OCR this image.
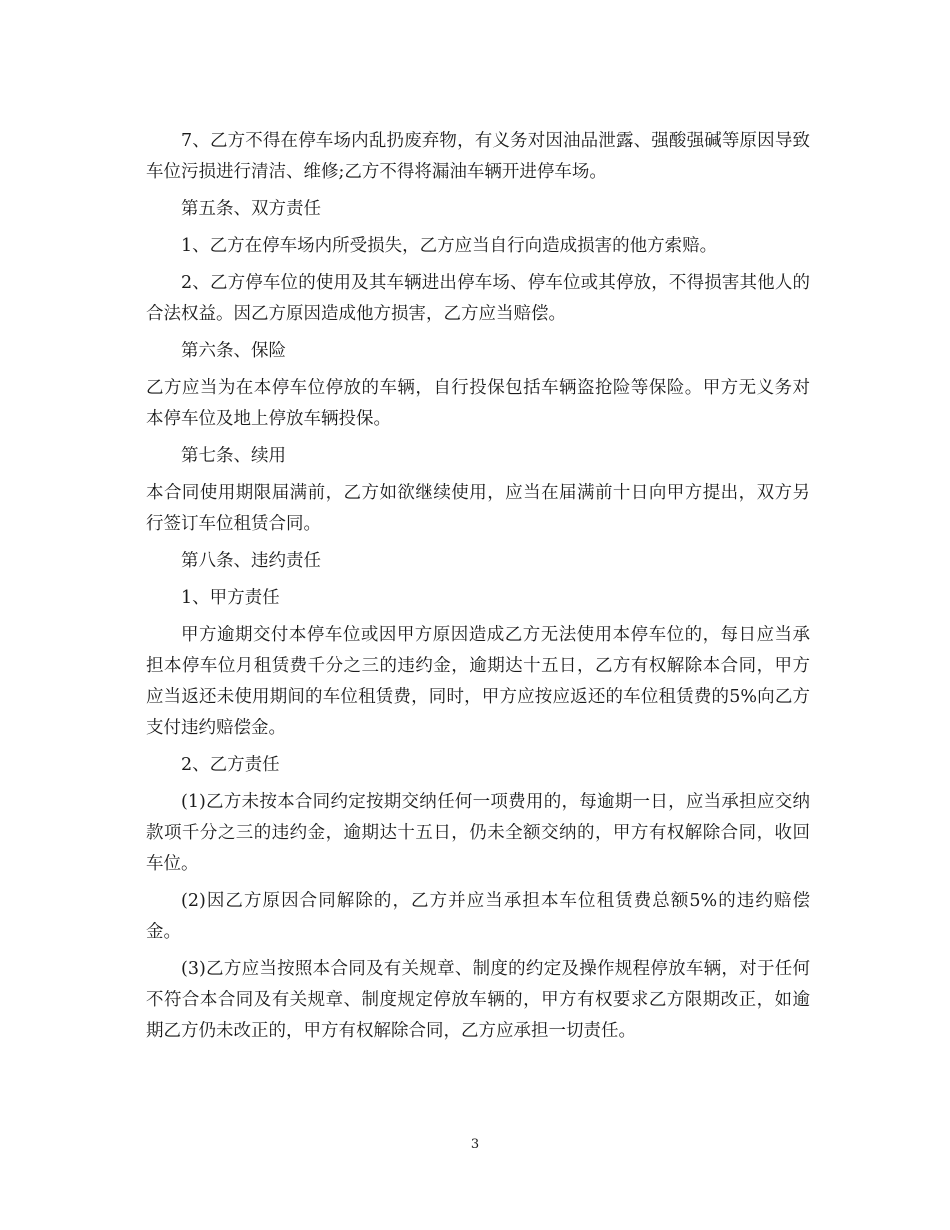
7、乙方不得在停车场内乱扔废弃物，有义务对因油品泄露、强酸强碱等原因导致车位污损进行清洁、维修;乙方不得将漏油车辆开进停车场。

第五条、双方责任

1、乙方在停车场内所受损失，乙方应当自行向造成损害的他方索赔。

2、乙方停车位的使用及其车辆进出停车场、停车位或其停放，不得损害其他人的合法权益。因乙方原因造成他方损害，乙方应当赔偿。

第六条、保险

乙方应当为在本停车位停放的车辆，自行投保包括车辆盗抢险等保险。甲方无义务对本停车位及地上停放车辆投保。

第七条、续用

本合同使用期限届满前，乙方如欲继续使用，应当在届满前十日向甲方提出，双方另行签订车位租赁合同。

第八条、违约责任

1、甲方责任

甲方逾期交付本停车位或因甲方原因造成乙方无法使用本停车位的，每日应当承担本停车位月租赁费千分之三的违约金，逾期达十五日，乙方有权解除本合同，甲方应当返还未使用期间的车位租赁费，同时，甲方应按应返还的车位租赁费的5%向乙方支付违约赔偿金。

2、乙方责任

(1)乙方未按本合同约定按期交纳任何一项费用的，每逾期一日，应当承担应交纳款项千分之三的违约金，逾期达十五日，仍未全额交纳的，甲方有权解除合同，收回车位。

(2)因乙方原因合同解除的，乙方并应当承担本车位租赁费总额5%的违约赔偿金。

(3)乙方应当按照本合同及有关规章、制度的约定及操作规程停放车辆，对于任何不符合本合同及有关规章、制度规定停放车辆的，甲方有权要求乙方限期改正，如逾期乙方仍未改正的，甲方有权解除合同，乙方应承担一切责任。

3
